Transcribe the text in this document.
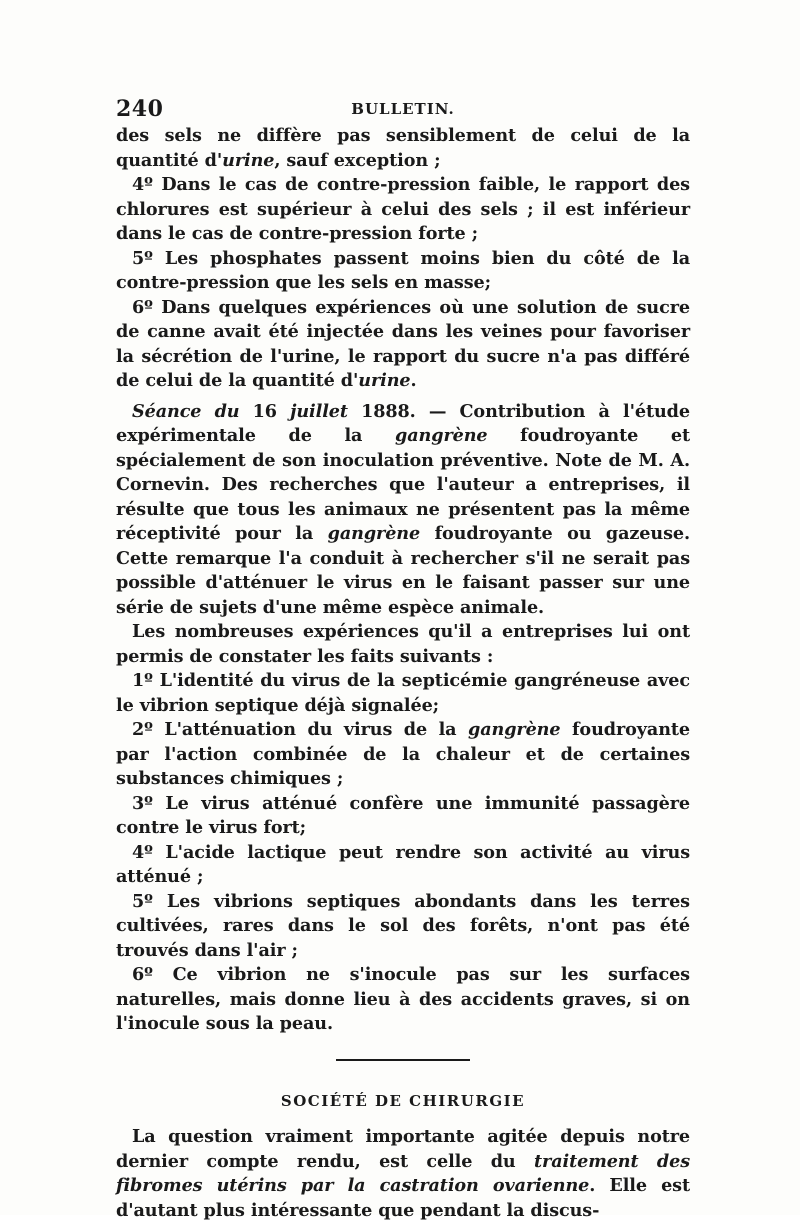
240	BULLETIN.

des sels ne diffère pas sensiblement de celui de la quantité d'urine, sauf exception ;

4º Dans le cas de contre-pression faible, le rapport des chlorures est supérieur à celui des sels ; il est inférieur dans le cas de contre-pression forte ;

5º Les phosphates passent moins bien du côté de la contre-pression que les sels en masse;

6º Dans quelques expériences où une solution de sucre de canne avait été injectée dans les veines pour favoriser la sécrétion de l'urine, le rapport du sucre n'a pas différé de celui de la quantité d'urine.

Séance du 16 juillet 1888. — Contribution à l'étude expérimentale de la gangrène foudroyante et spécialement de son inoculation préventive. Note de M. A. Cornevin. Des recherches que l'auteur a entreprises, il résulte que tous les animaux ne présentent pas la même réceptivité pour la gangrène foudroyante ou gazeuse. Cette remarque l'a conduit à rechercher s'il ne serait pas possible d'atténuer le virus en le faisant passer sur une série de sujets d'une même espèce animale.

Les nombreuses expériences qu'il a entreprises lui ont permis de constater les faits suivants :

1º L'identité du virus de la septicémie gangréneuse avec le vibrion septique déjà signalée;

2º L'atténuation du virus de la gangrène foudroyante par l'action combinée de la chaleur et de certaines substances chimiques ;

3º Le virus atténué confère une immunité passagère contre le virus fort;

4º L'acide lactique peut rendre son activité au virus atténué ;

5º Les vibrions septiques abondants dans les terres cultivées, rares dans le sol des forêts, n'ont pas été trouvés dans l'air ;

6º Ce vibrion ne s'inocule pas sur les surfaces naturelles, mais donne lieu à des accidents graves, si on l'inocule sous la peau.

SOCIÉTÉ DE CHIRURGIE

La question vraiment importante agitée depuis notre dernier compte rendu, est celle du traitement des fibromes utérins par la castration ovarienne. Elle est d'autant plus intéressante que pendant la discus-
